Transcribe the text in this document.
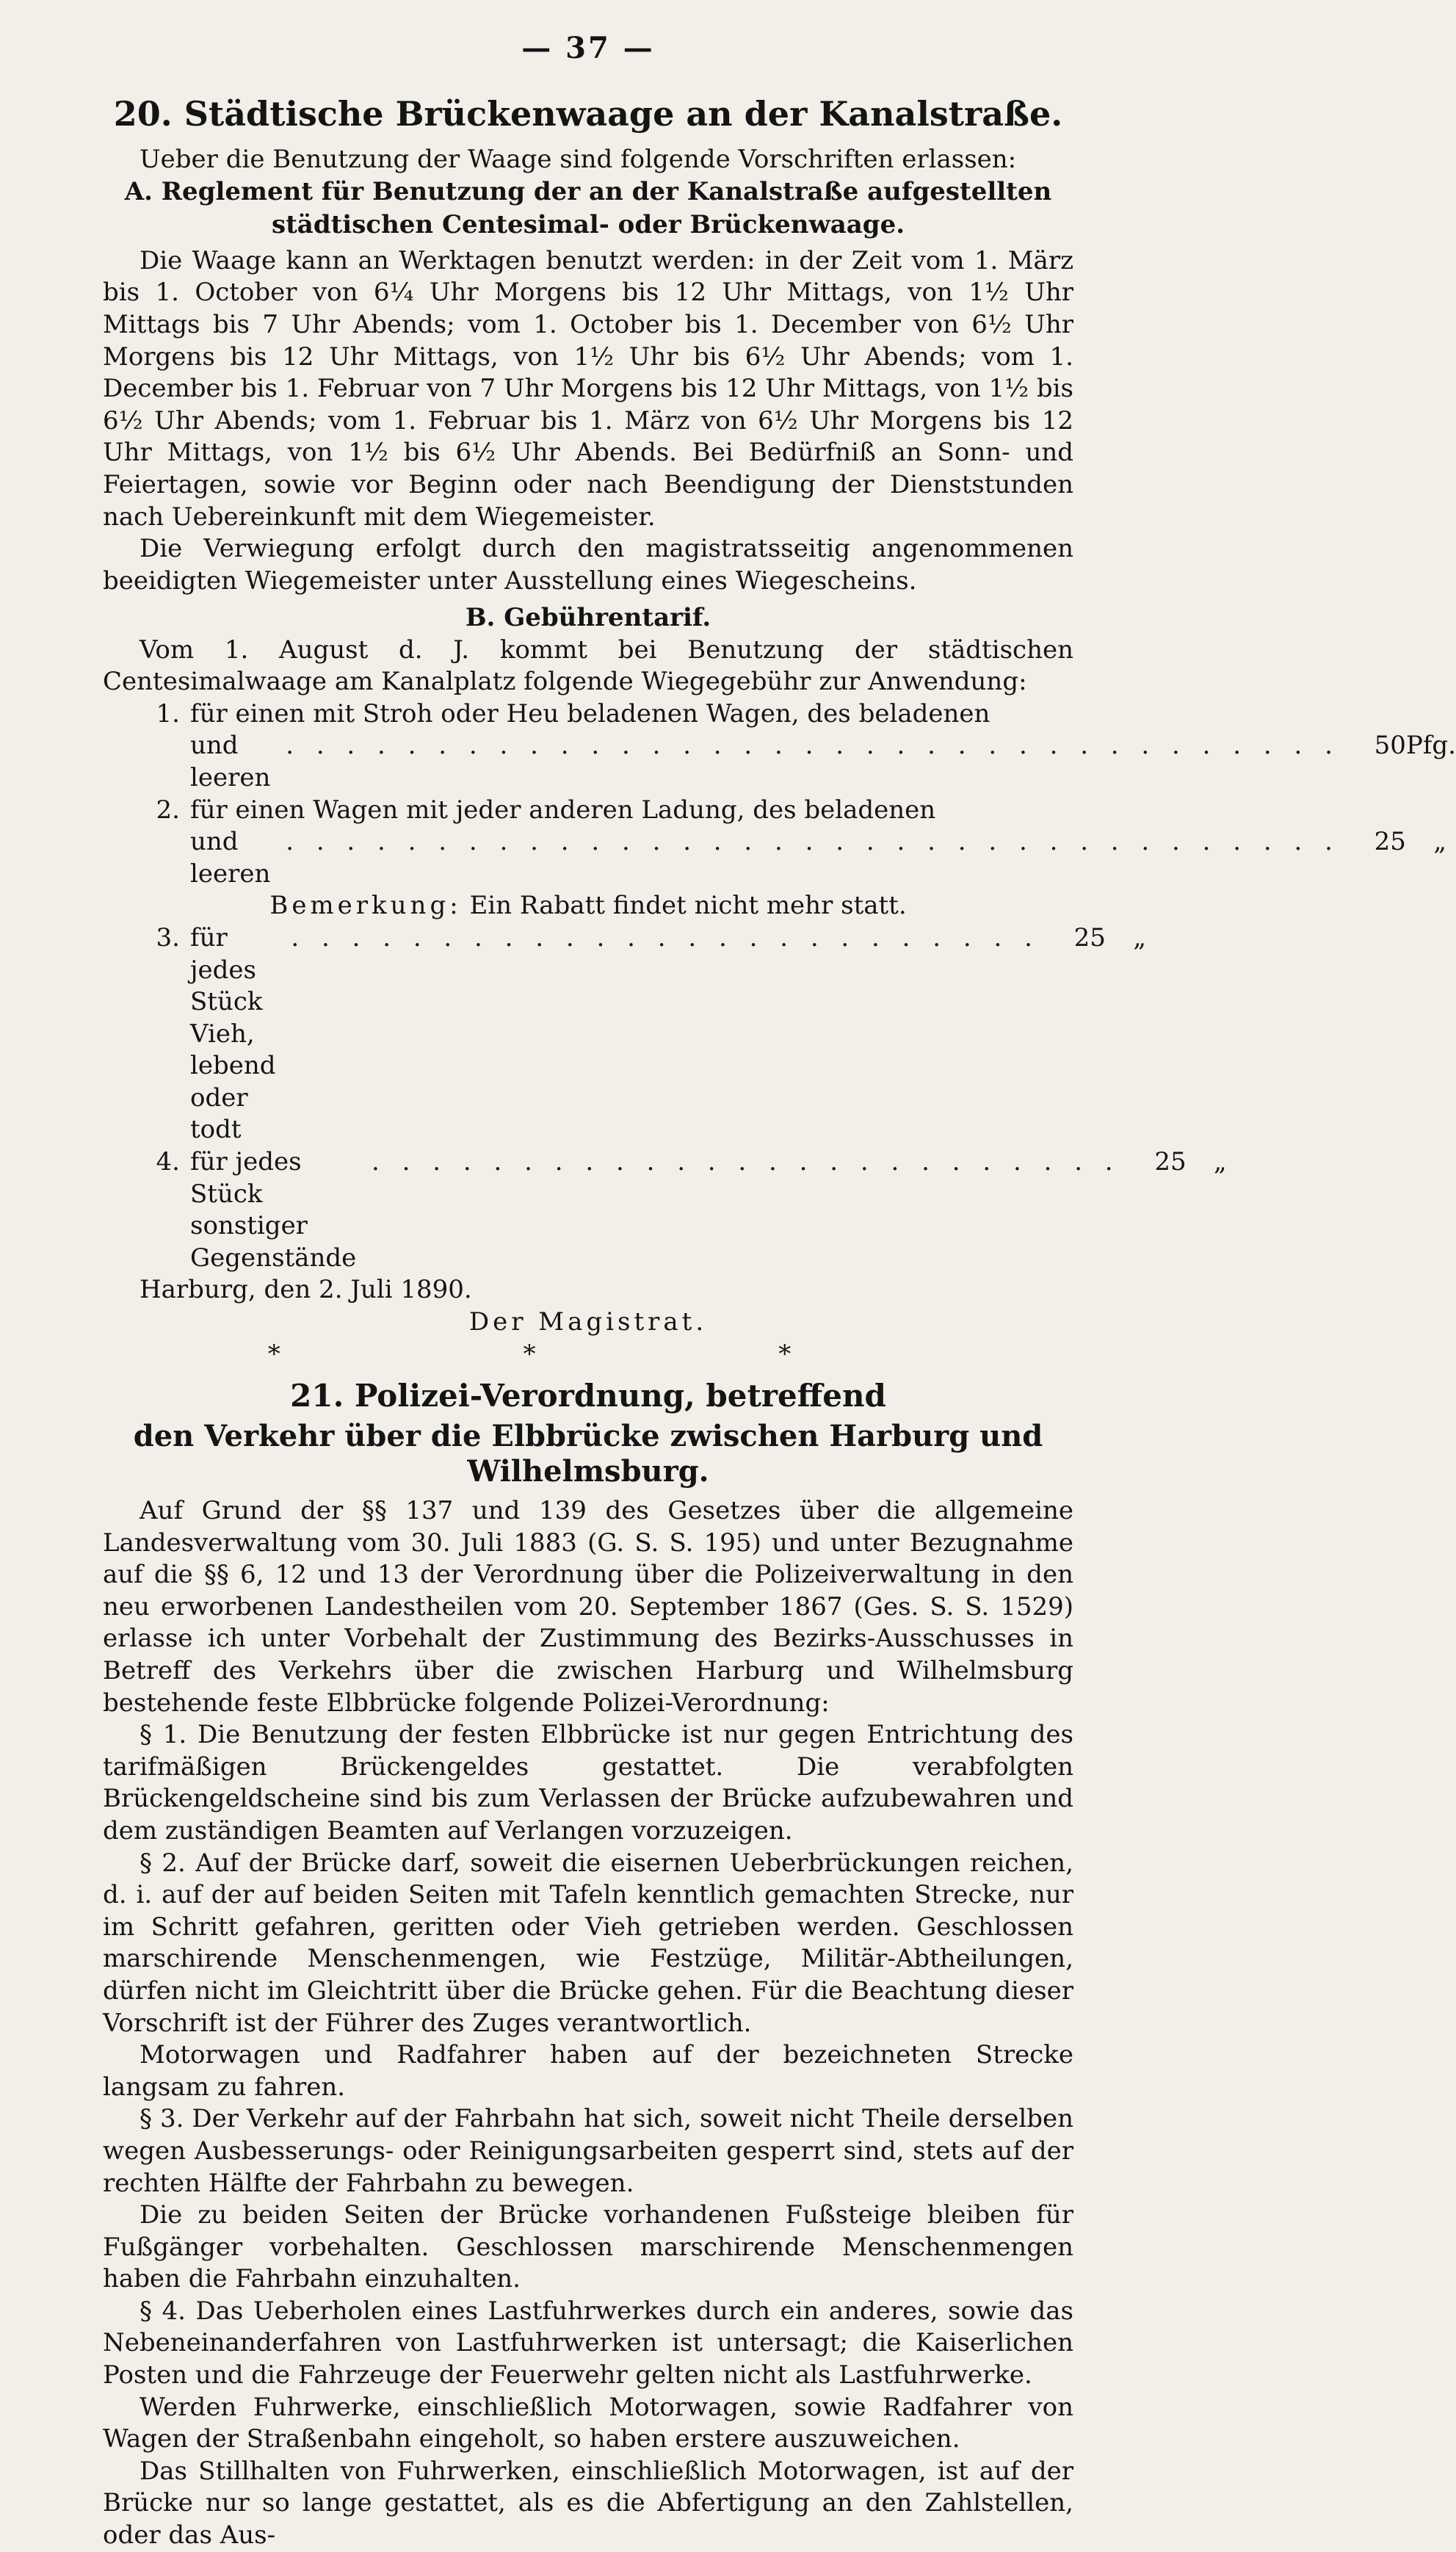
— 37 —
20. Städtische Brückenwaage an der Kanalstraße.

Ueber die Benutzung der Waage sind folgende Vorschriften erlassen:

A. Reglement für Benutzung der an der Kanalstraße aufgestellten städtischen Centesimal- oder Brückenwaage.

Die Waage kann an Werktagen benutzt werden: in der Zeit vom 1. März bis 1. October von 6¼ Uhr Morgens bis 12 Uhr Mittags, von 1½ Uhr Mittags bis 7 Uhr Abends; vom 1. October bis 1. December von 6½ Uhr Morgens bis 12 Uhr Mittags, von 1½ Uhr bis 6½ Uhr Abends; vom 1. December bis 1. Februar von 7 Uhr Morgens bis 12 Uhr Mittags, von 1½ bis 6½ Uhr Abends; vom 1. Februar bis 1. März von 6½ Uhr Morgens bis 12 Uhr Mittags, von 1½ bis 6½ Uhr Abends. Bei Bedürfniß an Sonn- und Feiertagen, sowie vor Beginn oder nach Beendigung der Dienststunden nach Uebereinkunft mit dem Wiegemeister.

Die Verwiegung erfolgt durch den magistratsseitig angenommenen beeidigten Wiegemeister unter Ausstellung eines Wiegescheins.

B. Gebührentarif.

Vom 1. August d. J. kommt bei Benutzung der städtischen Centesimalwaage am Kanalplatz folgende Wiegegebühr zur Anwendung:

1. für einen mit Stroh oder Heu beladenen Wagen, des beladenen
und leeren
. . . . . . . . . . . . . . . . . . . . . . . . . . . . . . . . . . .	50 Pfg.
2. für einen Wagen mit jeder anderen Ladung, des beladenen
und leeren
. . . . . . . . . . . . . . . . . . . . . . . . . . . . . . . . . . .	25	„
Bemerkung: Ein Rabatt findet nicht mehr statt.
3. für jedes Stück Vieh, lebend oder todt
. . . . . . . . . . . . . . . . . . . . . . . . .	25	„
4. für jedes Stück sonstiger Gegenstände
. . . . . . . . . . . . . . . . . . . . . . . . .	25	„

Harburg, den 2. Juli 1890.

Der Magistrat.
* * *
21. Polizei-Verordnung, betreffend
den Verkehr über die Elbbrücke zwischen Harburg und Wilhelmsburg.

Auf Grund der §§ 137 und 139 des Gesetzes über die allgemeine Landesverwaltung vom 30. Juli 1883 (G. S. S. 195) und unter Bezugnahme auf die §§ 6, 12 und 13 der Verordnung über die Polizeiverwaltung in den neu erworbenen Landestheilen vom 20. September 1867 (Ges. S. S. 1529) erlasse ich unter Vorbehalt der Zustimmung des Bezirks-Ausschusses in Betreff des Verkehrs über die zwischen Harburg und Wilhelmsburg bestehende feste Elbbrücke folgende Polizei-Verordnung:

§ 1. Die Benutzung der festen Elbbrücke ist nur gegen Entrichtung des tarifmäßigen Brückengeldes gestattet. Die verabfolgten Brückengeldscheine sind bis zum Verlassen der Brücke aufzubewahren und dem zuständigen Beamten auf Verlangen vorzuzeigen.

§ 2. Auf der Brücke darf, soweit die eisernen Ueberbrückungen reichen, d. i. auf der auf beiden Seiten mit Tafeln kenntlich gemachten Strecke, nur im Schritt gefahren, geritten oder Vieh getrieben werden. Geschlossen marschirende Menschenmengen, wie Festzüge, Militär-Abtheilungen, dürfen nicht im Gleichtritt über die Brücke gehen. Für die Beachtung dieser Vorschrift ist der Führer des Zuges verantwortlich.

Motorwagen und Radfahrer haben auf der bezeichneten Strecke langsam zu fahren.

§ 3. Der Verkehr auf der Fahrbahn hat sich, soweit nicht Theile derselben wegen Ausbesserungs- oder Reinigungsarbeiten gesperrt sind, stets auf der rechten Hälfte der Fahrbahn zu bewegen.

Die zu beiden Seiten der Brücke vorhandenen Fußsteige bleiben für Fußgänger vorbehalten. Geschlossen marschirende Menschenmengen haben die Fahrbahn einzuhalten.

§ 4. Das Ueberholen eines Lastfuhrwerkes durch ein anderes, sowie das Nebeneinanderfahren von Lastfuhrwerken ist untersagt; die Kaiserlichen Posten und die Fahrzeuge der Feuerwehr gelten nicht als Lastfuhrwerke.

Werden Fuhrwerke, einschließlich Motorwagen, sowie Radfahrer von Wagen der Straßenbahn eingeholt, so haben erstere auszuweichen.

Das Stillhalten von Fuhrwerken, einschließlich Motorwagen, ist auf der Brücke nur so lange gestattet, als es die Abfertigung an den Zahlstellen, oder das Aus-
